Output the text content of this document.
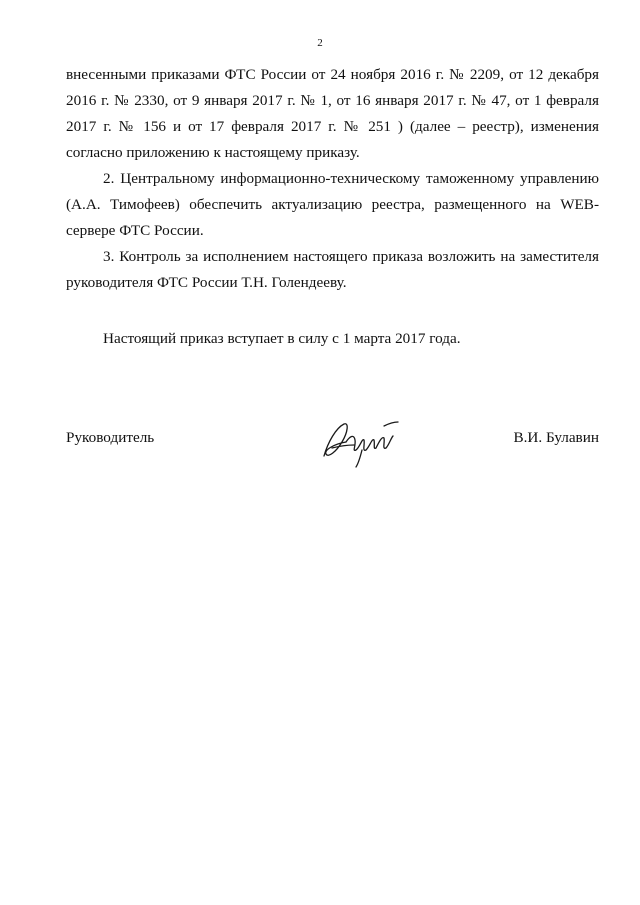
2

внесенными приказами ФТС России от 24 ноября 2016 г. № 2209, от 12 декабря 2016 г. № 2330, от 9 января 2017 г. № 1, от 16 января 2017 г. № 47, от 1 февраля 2017 г. № 156 и от 17 февраля 2017 г. № 251 ) (далее – реестр), изменения согласно приложению к настоящему приказу.

2. Центральному информационно-техническому таможенному управлению (А.А. Тимофеев) обеспечить актуализацию реестра, размещенного на WEB-сервере ФТС России.

3. Контроль за исполнением настоящего приказа возложить на заместителя руководителя ФТС России Т.Н. Голендееву.

Настоящий приказ вступает в силу с 1 марта 2017 года.
Руководитель	В.И. Булавин
